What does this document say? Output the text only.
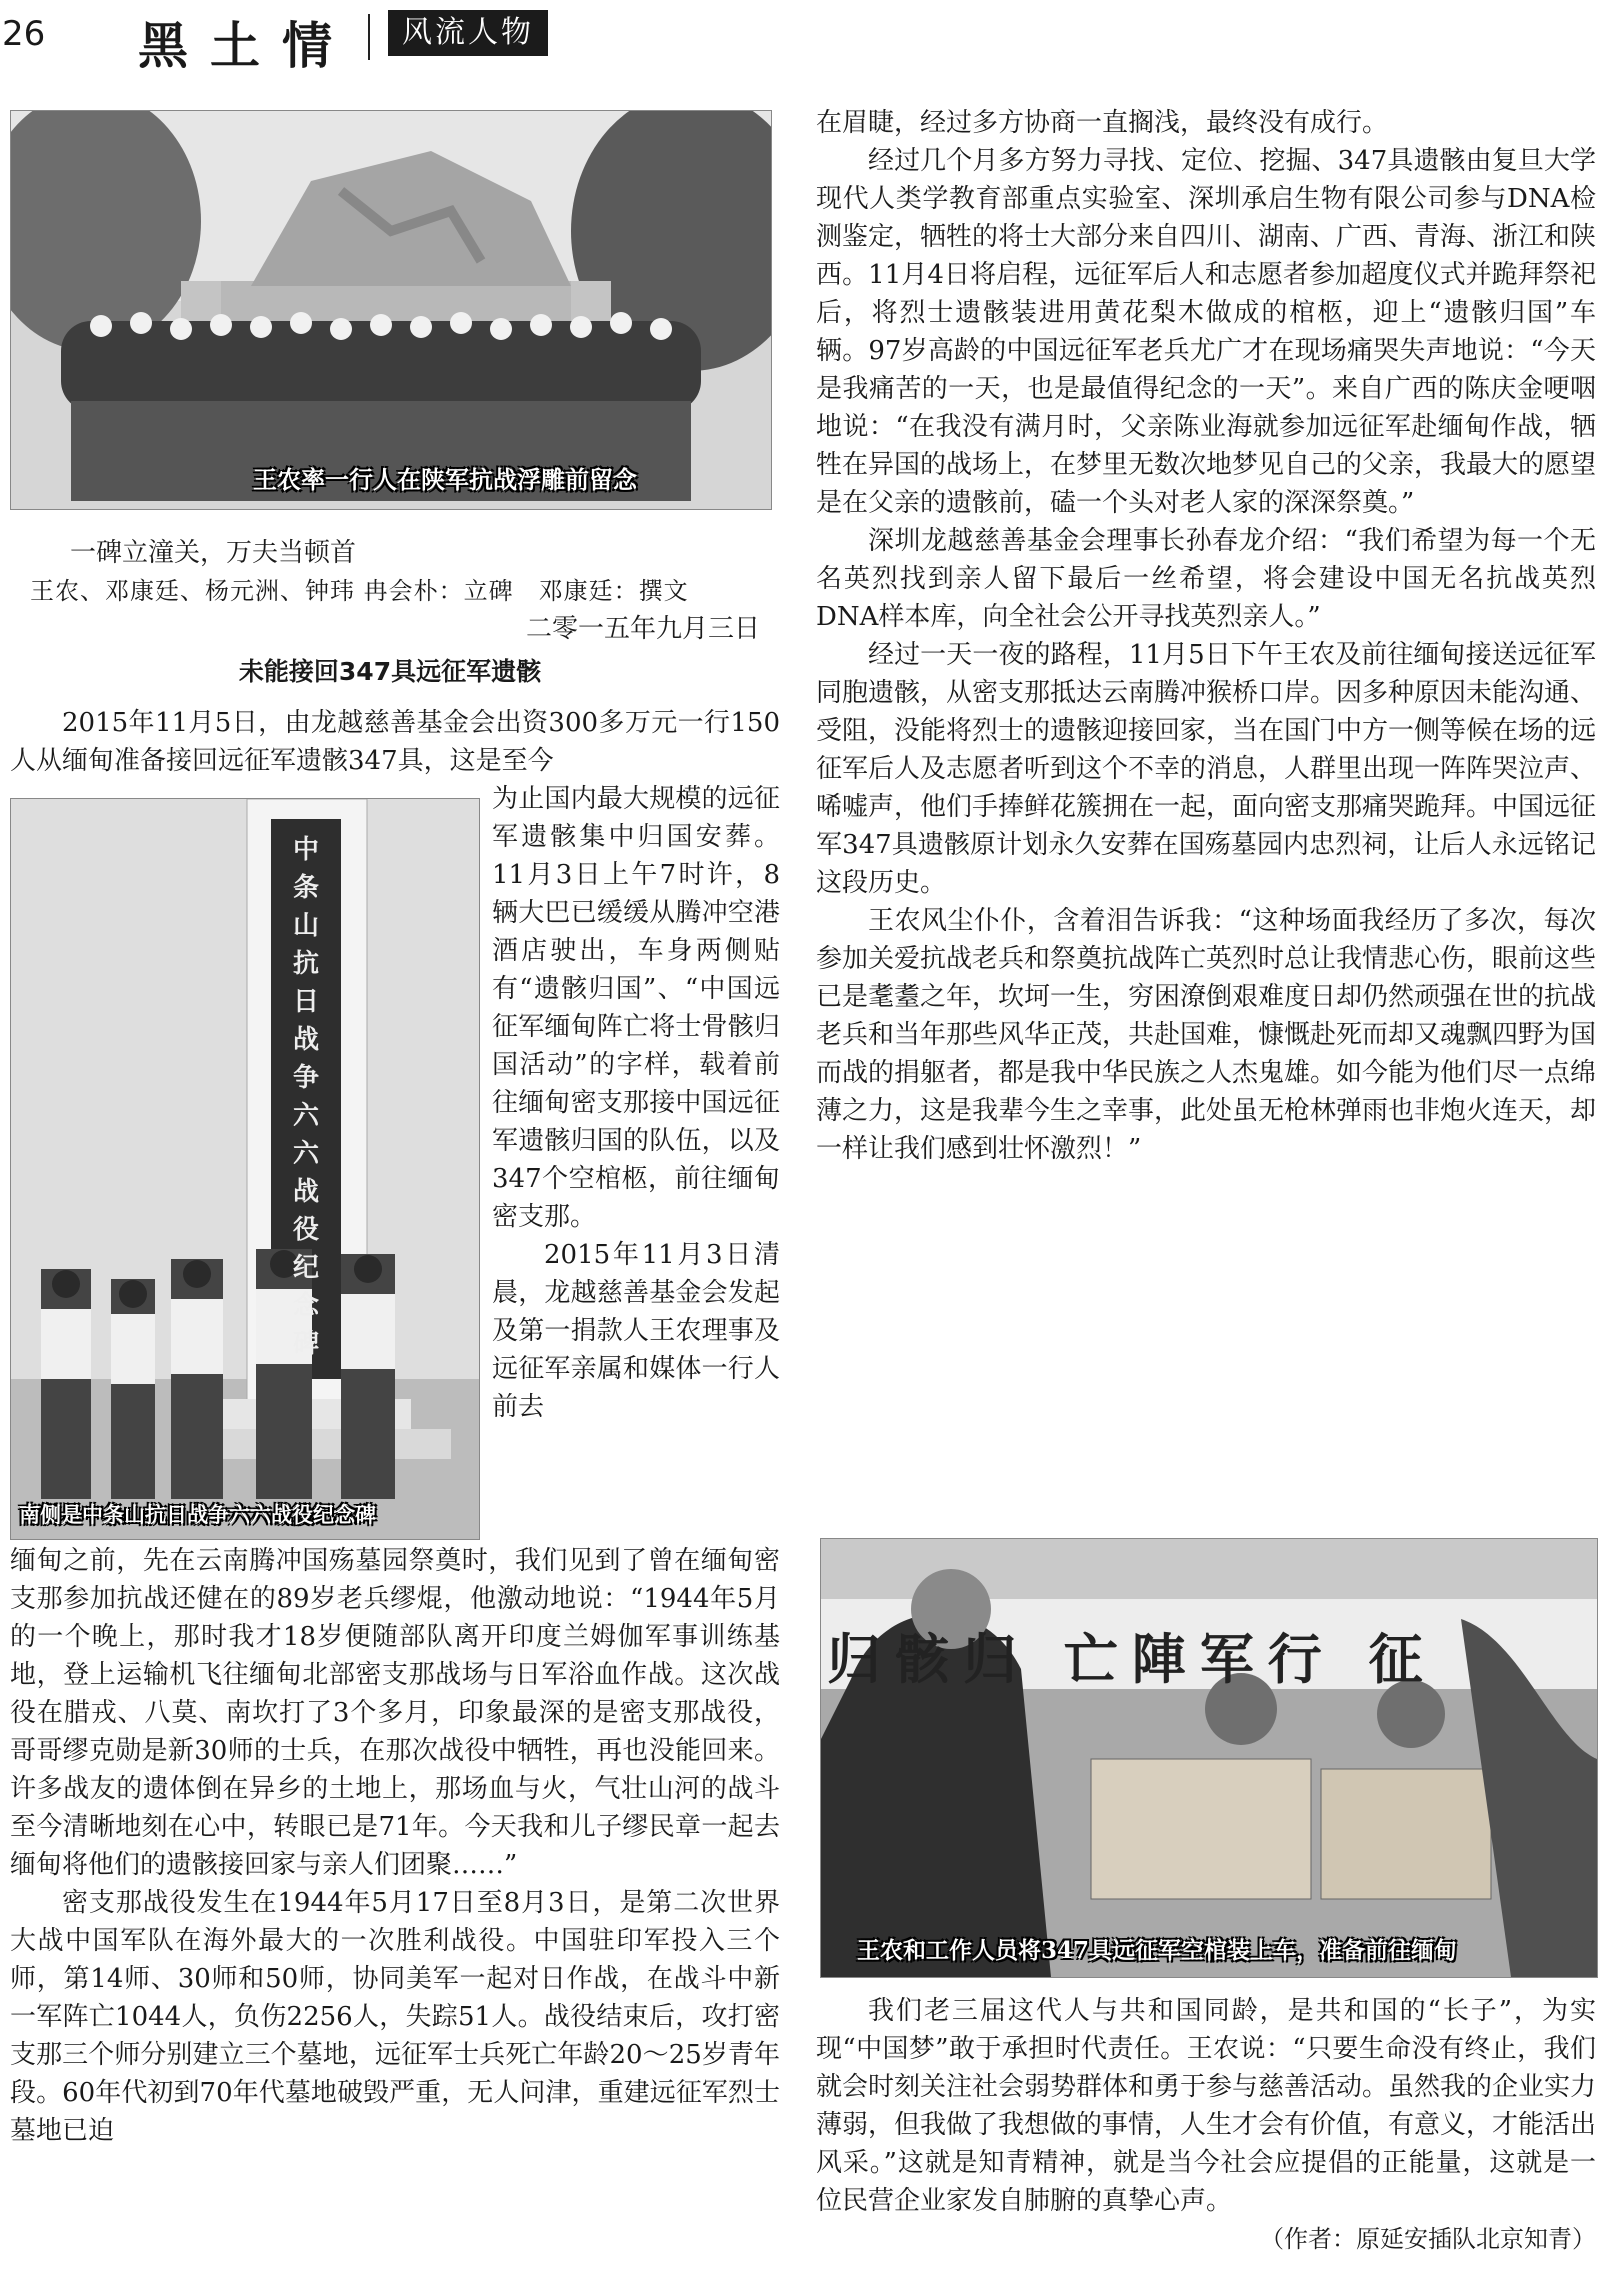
26 黑土情	风流人物
王农率一行人在陕军抗战浮雕前留念
一碑立潼关，万夫当顿首
王农、邓康廷、杨元洲、钟玮 冉会朴：立碑　邓康廷：撰文
二零一五年九月三日
未能接回347具远征军遗骸

2015年11月5日，由龙越慈善基金会出资300多万元一行150人从缅甸准备接回远征军遗骸347具，这是至今

中条山抗日战争六六战役纪念碑
南侧是中条山抗日战争六六战役纪念碑

为止国内最大规模的远征军遗骸集中归国安葬。11月3日上午7时许，8辆大巴已缓缓从腾冲空港酒店驶出，车身两侧贴有“遗骸归国”、“中国远征军缅甸阵亡将士骨骸归国活动”的字样，载着前往缅甸密支那接中国远征军遗骸归国的队伍，以及347个空棺柩，前往缅甸密支那。

2015年11月3日清晨，龙越慈善基金会发起及第一捐款人王农理事及远征军亲属和媒体一行人前去

缅甸之前，先在云南腾冲国殇墓园祭奠时，我们见到了曾在缅甸密支那参加抗战还健在的89岁老兵缪焜，他激动地说：“1944年5月的一个晚上，那时我才18岁便随部队离开印度兰姆伽军事训练基地，登上运输机飞往缅甸北部密支那战场与日军浴血作战。这次战役在腊戎、八莫、南坎打了3个多月，印象最深的是密支那战役，哥哥缪克勋是新30师的士兵，在那次战役中牺牲，再也没能回来。许多战友的遗体倒在异乡的土地上，那场血与火，气壮山河的战斗至今清晰地刻在心中，转眼已是71年。今天我和儿子缪民章一起去缅甸将他们的遗骸接回家与亲人们团聚……”

密支那战役发生在1944年5月17日至8月3日，是第二次世界大战中国军队在海外最大的一次胜利战役。中国驻印军投入三个师，第14师、30师和50师，协同美军一起对日作战，在战斗中新一军阵亡1044人，负伤2256人，失踪51人。战役结束后，攻打密支那三个师分别建立三个墓地，远征军士兵死亡年龄20～25岁青年段。60年代初到70年代墓地破毁严重，无人问津，重建远征军烈士墓地已迫

在眉睫，经过多方协商一直搁浅，最终没有成行。

经过几个月多方努力寻找、定位、挖掘、347具遗骸由复旦大学现代人类学教育部重点实验室、深圳承启生物有限公司参与DNA检测鉴定，牺牲的将士大部分来自四川、湖南、广西、青海、浙江和陕西。11月4日将启程，远征军后人和志愿者参加超度仪式并跪拜祭祀后，将烈士遗骸装进用黄花梨木做成的棺柩，迎上“遗骸归国”车辆。97岁高龄的中国远征军老兵尤广才在现场痛哭失声地说：“今天是我痛苦的一天，也是最值得纪念的一天”。来自广西的陈庆金哽咽地说：“在我没有满月时，父亲陈业海就参加远征军赴缅甸作战，牺牲在异国的战场上，在梦里无数次地梦见自己的父亲，我最大的愿望是在父亲的遗骸前，磕一个头对老人家的深深祭奠。”

深圳龙越慈善基金会理事长孙春龙介绍：“我们希望为每一个无名英烈找到亲人留下最后一丝希望，将会建设中国无名抗战英烈DNA样本库，向全社会公开寻找英烈亲人。”

经过一天一夜的路程，11月5日下午王农及前往缅甸接送远征军同胞遗骸，从密支那抵达云南腾冲猴桥口岸。因多种原因未能沟通、受阻，没能将烈士的遗骸迎接回家，当在国门中方一侧等候在场的远征军后人及志愿者听到这个不幸的消息，人群里出现一阵阵哭泣声、唏嘘声，他们手捧鲜花簇拥在一起，面向密支那痛哭跪拜。中国远征军347具遗骸原计划永久安葬在国殇墓园内忠烈祠，让后人永远铭记这段历史。

王农风尘仆仆，含着泪告诉我：“这种场面我经历了多次，每次参加关爱抗战老兵和祭奠抗战阵亡英烈时总让我情悲心伤，眼前这些已是耄耋之年，坎坷一生，穷困潦倒艰难度日却仍然顽强在世的抗战老兵和当年那些风华正茂，共赴国难，慷慨赴死而却又魂飘四野为国而战的捐躯者，都是我中华民族之人杰鬼雄。如今能为他们尽一点绵薄之力，这是我辈今生之幸事，此处虽无枪林弹雨也非炮火连天，却一样让我们感到壮怀激烈！”

归骸归 亡陣军行 征
王农和工作人员将347具远征军空棺装上车，准备前往缅甸

我们老三届这代人与共和国同龄，是共和国的“长子”，为实现“中国梦”敢于承担时代责任。王农说：“只要生命没有终止，我们就会时刻关注社会弱势群体和勇于参与慈善活动。虽然我的企业实力薄弱，但我做了我想做的事情，人生才会有价值，有意义，才能活出风采。”这就是知青精神，就是当今社会应提倡的正能量，这就是一位民营企业家发自肺腑的真挚心声。

（作者：原延安插队北京知青）
